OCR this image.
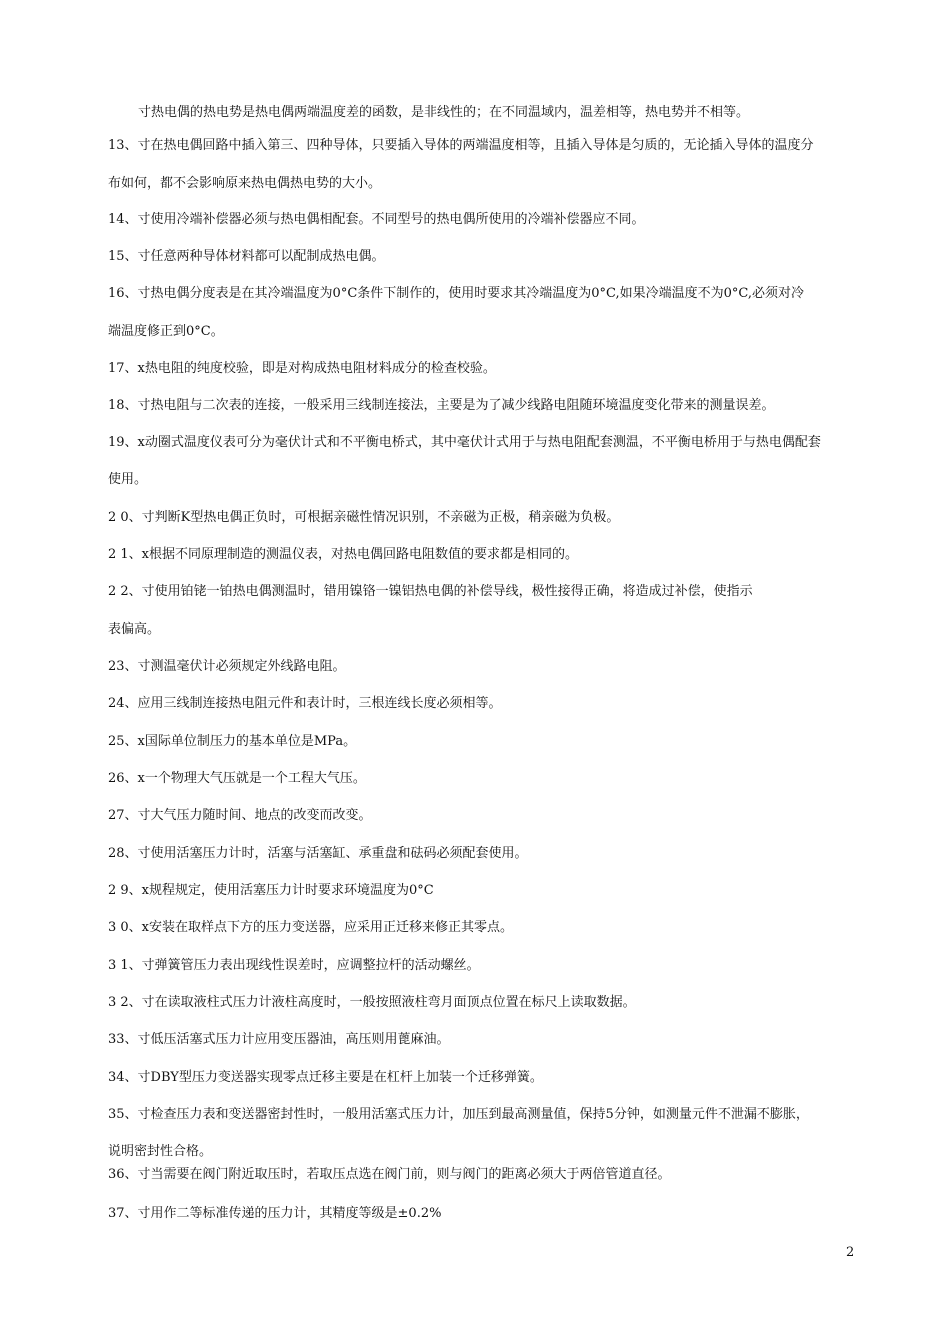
寸热电偶的热电势是热电偶两端温度差的函数，是非线性的；在不同温域内，温差相等，热电势并不相等。
13、寸在热电偶回路中插入第三、四种导体，只要插入导体的两端温度相等，且插入导体是匀质的，无论插入导体的温度分
布如何，都不会影响原来热电偶热电势的大小。
14、寸使用冷端补偿器必须与热电偶相配套。不同型号的热电偶所使用的冷端补偿器应不同。
15、寸任意两种导体材料都可以配制成热电偶。
16、寸热电偶分度表是在其冷端温度为0°C条件下制作的，使用时要求其冷端温度为0°C,如果冷端温度不为0°C,必须对冷
端温度修正到0°C。
17、x热电阻的纯度校验，即是对构成热电阻材料成分的检查校验。
18、寸热电阻与二次表的连接，一般采用三线制连接法，主要是为了减少线路电阻随环境温度变化带来的测量误差。
19、x动圈式温度仪表可分为毫伏计式和不平衡电桥式，其中毫伏计式用于与热电阻配套测温，不平衡电桥用于与热电偶配套
使用。
2 0、寸判断K型热电偶正负时，可根据亲磁性情况识别，不亲磁为正极，稍亲磁为负极。
2 1、x根据不同原理制造的测温仪表，对热电偶回路电阻数值的要求都是相同的。
2 2、寸使用铂铑一铂热电偶测温时，错用镍铬一镍铝热电偶的补偿导线，极性接得正确，将造成过补偿，使指示
表偏高。
23、寸测温毫伏计必须规定外线路电阻。
24、应用三线制连接热电阻元件和表计时，三根连线长度必须相等。
25、x国际单位制压力的基本单位是MPa。
26、x一个物理大气压就是一个工程大气压。
27、寸大气压力随时间、地点的改变而改变。
28、寸使用活塞压力计时，活塞与活塞缸、承重盘和砝码必须配套使用。
2 9、x规程规定，使用活塞压力计时要求环境温度为0°C
3 0、x安装在取样点下方的压力变送器，应采用正迁移来修正其零点。
3 1、寸弹簧管压力表出现线性误差时，应调整拉杆的活动螺丝。
3 2、寸在读取液柱式压力计液柱高度时，一般按照液柱弯月面顶点位置在标尺上读取数据。
33、寸低压活塞式压力计应用变压器油，高压则用蓖麻油。
34、寸DBY型压力变送器实现零点迁移主要是在杠杆上加装一个迁移弹簧。
35、寸检查压力表和变送器密封性时，一般用活塞式压力计，加压到最高测量值，保持5分钟，如测量元件不泄漏不膨胀，
说明密封性合格。
36、寸当需要在阀门附近取压时，若取压点选在阀门前，则与阀门的距离必须大于两倍管道直径。
37、寸用作二等标准传递的压力计，其精度等级是±0.2%
2
